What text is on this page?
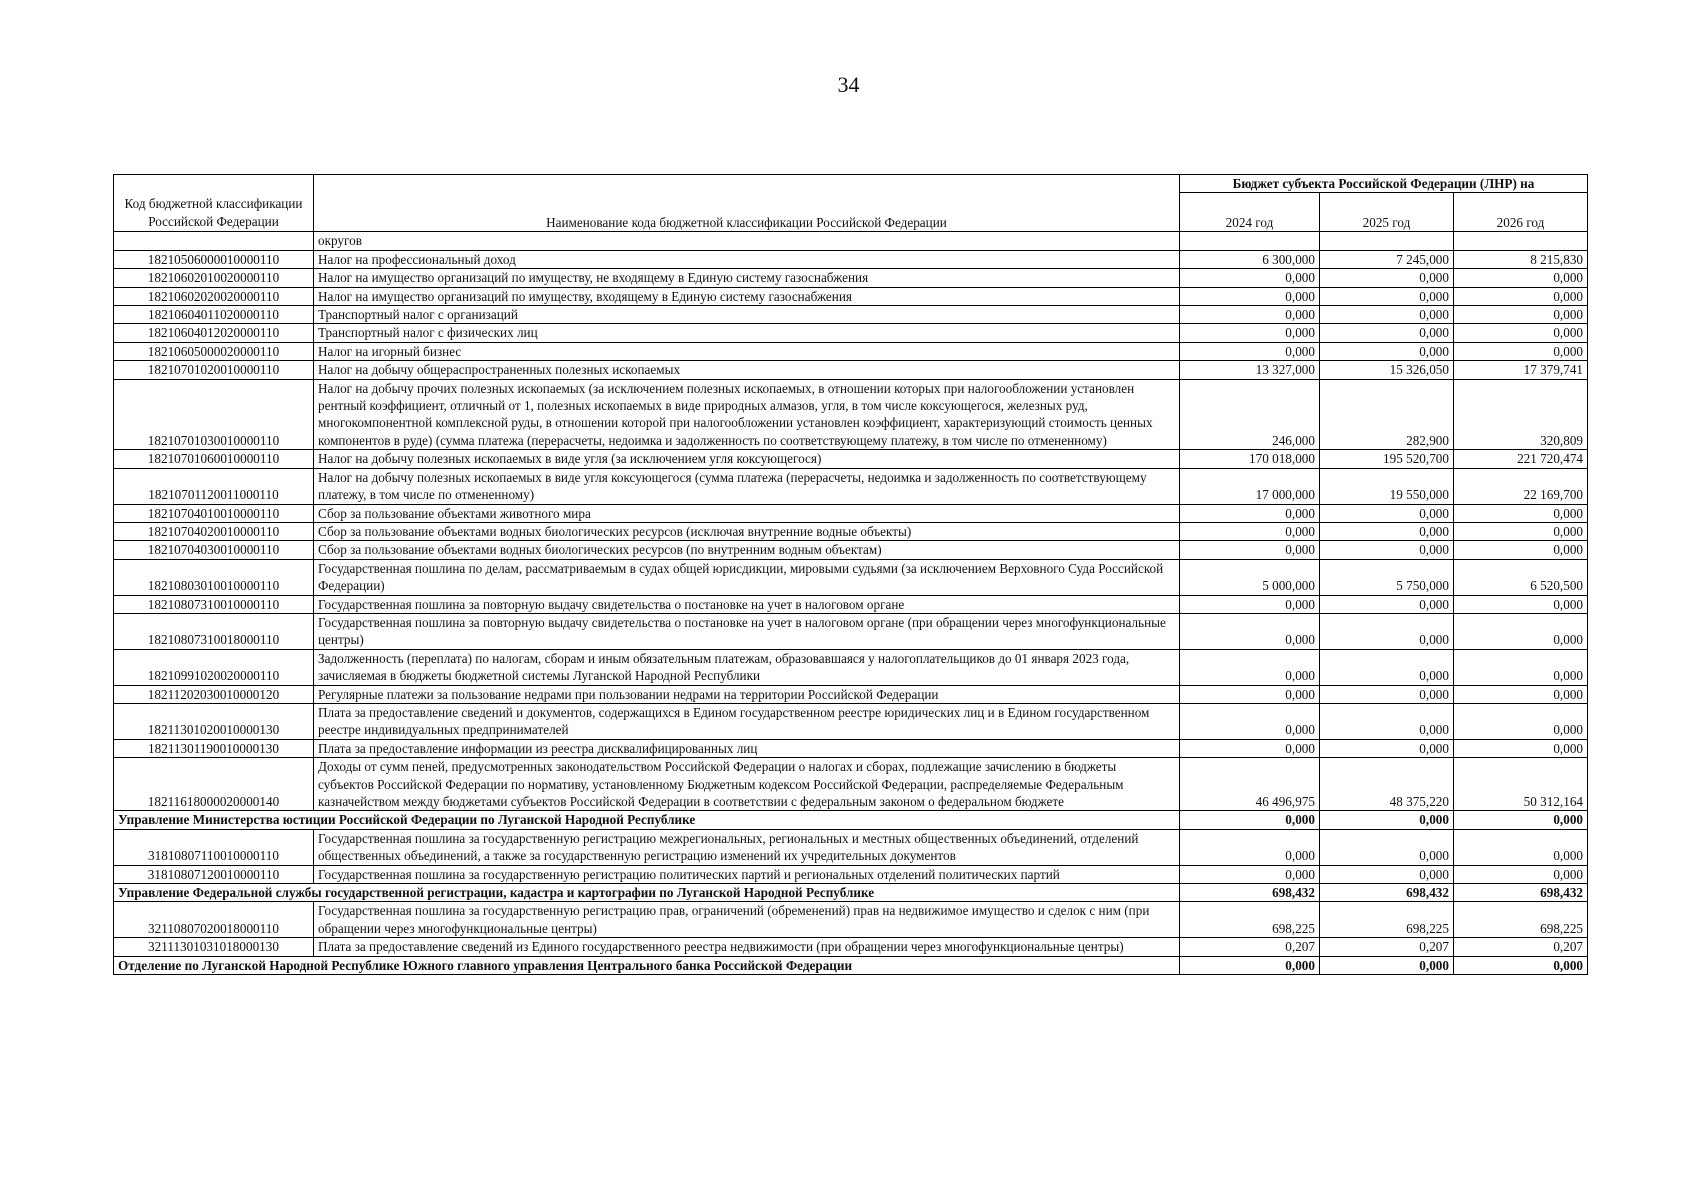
34
Код бюджетной классификации Российской Федерации	Наименование кода бюджетной классификации Российской Федерации	Бюджет субъекта Российской Федерации (ЛНР) на		
		2024 год	2025 год	2026 год
	округов			
18210506000010000110	Налог на профессиональный доход	6 300,000	7 245,000	8 215,830
18210602010020000110	Налог на имущество организаций по имуществу, не входящему в Единую систему газоснабжения	0,000	0,000	0,000
18210602020020000110	Налог на имущество организаций по имуществу, входящему в Единую систему газоснабжения	0,000	0,000	0,000
18210604011020000110	Транспортный налог с организаций	0,000	0,000	0,000
18210604012020000110	Транспортный налог с физических лиц	0,000	0,000	0,000
18210605000020000110	Налог на игорный бизнес	0,000	0,000	0,000
18210701020010000110	Налог на добычу общераспространенных полезных ископаемых	13 327,000	15 326,050	17 379,741
18210701030010000110	Налог на добычу прочих полезных ископаемых (за исключением полезных ископаемых, в отношении которых при налогообложении установлен рентный коэффициент, отличный от 1, полезных ископаемых в виде природных алмазов, угля, в том числе коксующегося, железных руд, многокомпонентной комплексной руды, в отношении которой при налогообложении установлен коэффициент, характеризующий стоимость ценных компонентов в руде) (сумма платежа (перерасчеты, недоимка и задолженность по соответствующему платежу, в том числе по отмененному)	246,000	282,900	320,809
18210701060010000110	Налог на добычу полезных ископаемых в виде угля (за исключением угля коксующегося)	170 018,000	195 520,700	221 720,474
18210701120011000110	Налог на добычу полезных ископаемых в виде угля коксующегося (сумма платежа (перерасчеты, недоимка и задолженность по соответствующему платежу, в том числе по отмененному)	17 000,000	19 550,000	22 169,700
18210704010010000110	Сбор за пользование объектами животного мира	0,000	0,000	0,000
18210704020010000110	Сбор за пользование объектами водных биологических ресурсов (исключая внутренние водные объекты)	0,000	0,000	0,000
18210704030010000110	Сбор за пользование объектами водных биологических ресурсов (по внутренним водным объектам)	0,000	0,000	0,000
18210803010010000110	Государственная пошлина по делам, рассматриваемым в судах общей юрисдикции, мировыми судьями (за исключением Верховного Суда Российской Федерации)	5 000,000	5 750,000	6 520,500
18210807310010000110	Государственная пошлина за повторную выдачу свидетельства о постановке на учет в налоговом органе	0,000	0,000	0,000
18210807310018000110	Государственная пошлина за повторную выдачу свидетельства о постановке на учет в налоговом органе (при обращении через многофункциональные центры)	0,000	0,000	0,000
18210991020020000110	Задолженность (переплата) по налогам, сборам и иным обязательным платежам, образовавшаяся у налогоплательщиков до 01 января 2023 года, зачисляемая в бюджеты бюджетной системы Луганской Народной Республики	0,000	0,000	0,000
18211202030010000120	Регулярные платежи за пользование недрами при пользовании недрами на территории Российской Федерации	0,000	0,000	0,000
18211301020010000130	Плата за предоставление сведений и документов, содержащихся в Едином государственном реестре юридических лиц и в Едином государственном реестре индивидуальных предпринимателей	0,000	0,000	0,000
18211301190010000130	Плата за предоставление информации из реестра дисквалифицированных лиц	0,000	0,000	0,000
18211618000020000140	Доходы от сумм пеней, предусмотренных законодательством Российской Федерации о налогах и сборах, подлежащие зачислению в бюджеты субъектов Российской Федерации по нормативу, установленному Бюджетным кодексом Российской Федерации, распределяемые Федеральным казначейством между бюджетами субъектов Российской Федерации в соответствии с федеральным законом о федеральном бюджете	46 496,975	48 375,220	50 312,164
Управление Министерства юстиции Российской Федерации по Луганской Народной Республике		0,000	0,000	0,000
31810807110010000110	Государственная пошлина за государственную регистрацию межрегиональных, региональных и местных общественных объединений, отделений общественных объединений, а также за государственную регистрацию изменений их учредительных документов	0,000	0,000	0,000
31810807120010000110	Государственная пошлина за государственную регистрацию политических партий и региональных отделений политических партий	0,000	0,000	0,000
Управление Федеральной службы государственной регистрации, кадастра и картографии по Луганской Народной Республике		698,432	698,432	698,432
32110807020018000110	Государственная пошлина за государственную регистрацию прав, ограничений (обременений) прав на недвижимое имущество и сделок с ним (при обращении через многофункциональные центры)	698,225	698,225	698,225
32111301031018000130	Плата за предоставление сведений из Единого государственного реестра недвижимости (при обращении через многофункциональные центры)	0,207	0,207	0,207
Отделение по Луганской Народной Республике Южного главного управления Центрального банка Российской Федерации		0,000	0,000	0,000
